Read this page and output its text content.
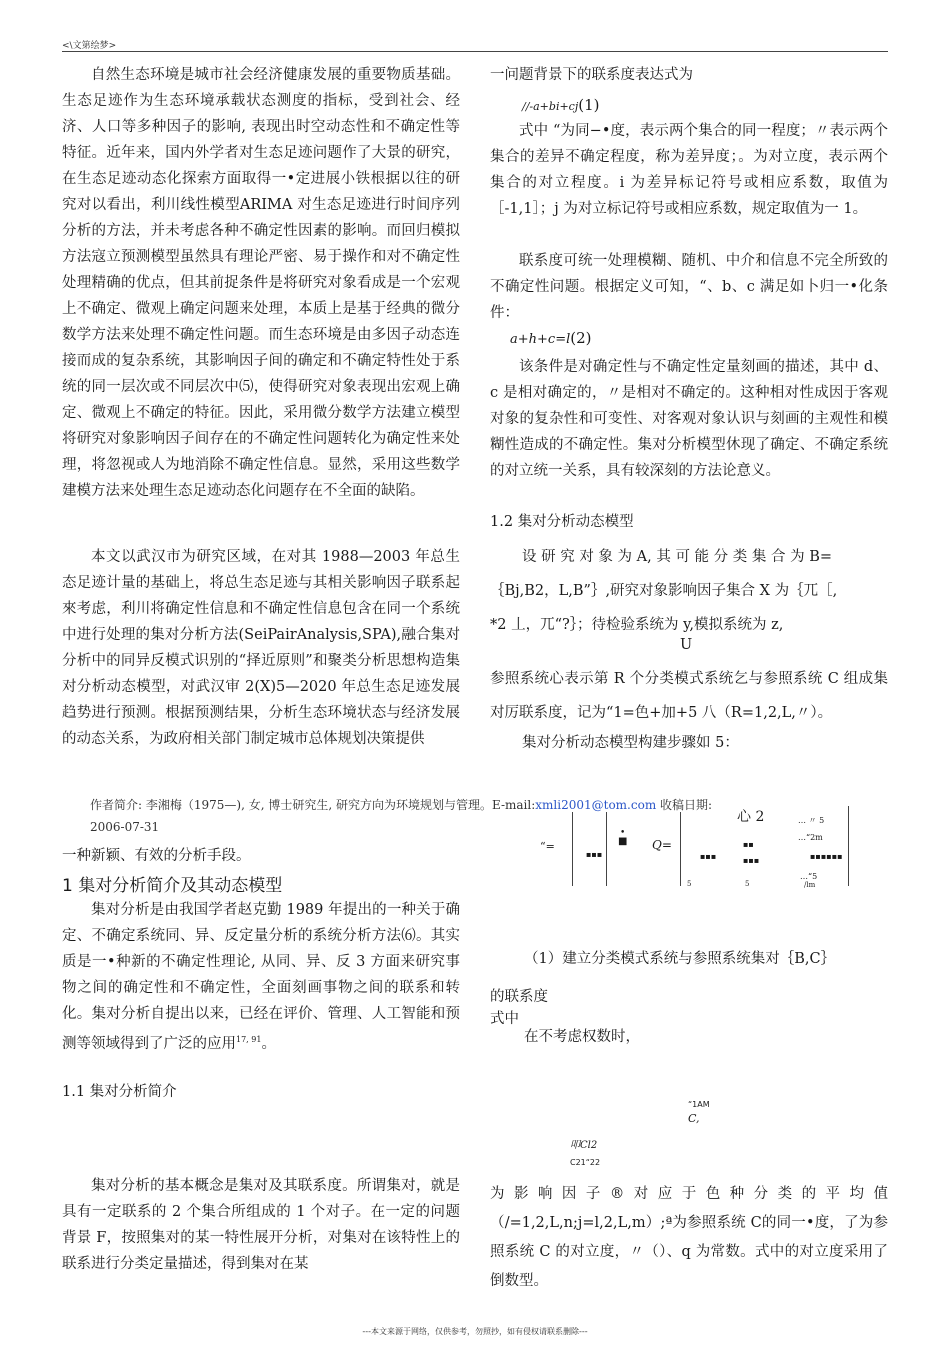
<\文第绘梦>

自然生态环境是城市社会经济健康发展的重要物质基础。生态足迹作为生态环境承载状态测度的指标，受到社会、经济、人口等多种因子的影响, 表现出时空动态性和不确定性等特征。近年来，国内外学者对生态足迹问题作了大景的研究，在生态足迹动态化探索方面取得一•定进展小铁根据以往的研究对以看出，利川线性模型ARIMA 对生态足迹进行时间序列分析的方法，并未考虑各种不确定性因素的影响。而回归模拟方法寇立预测模型虽然具有理论严密、易于操作和对不确定性处理精确的优点，但其前捉条件是将研究对象看成是一个宏观上不确定、微观上确定问题来处理，本质上是基于经典的微分数学方法来处理不确定性问题。而生态环境是由多因子动态连接而成的复杂系统，其影响因子间的确定和不确定特性处于系统的同一层次或不同层次中⑸，使得研究对象表现出宏观上确定、微观上不确定的特征。因此，采用微分数学方法建立模型将研究对象影响因子间存在的不确定性问题转化为确定性来处理，将忽视或人为地消除不确定性信息。显然，采用这些数学建模方法来处理生态足迹动态化问题存在不全面的缺陷。

本文以武汉市为研究区域，在对其 1988—2003 年总生态足迹计量的基础上，将总生态足迹与其相关影响因子联系起來考虑，利川将确定性信息和不确定性信息包含在同一个系统中进行处理的集对分析方法(SeiPairAnalysis,SPA),融合集对分析中的同异反模式识别的“择近原则”和聚类分析思想构造集对分析动态模型，对武汉审 2(X)5—2020 年总生态足迹发展趋势进行预测。根据预测结果，分析生态环境状态与经济发展的动态关系，为政府相关部门制定城市总体规划决策提供

作者简介: 李湘梅（1975—), 女, 博士研究生, 研究方向为环境规划与管理。E-mail:xmli2001@tom.com 收稿日期:
2006-07-31

一种新颖、有效的分析手段。

1 集对分析简介及其动态模型

集对分析是由我国学者赵克勤 1989 年提出的一种关于确定、不确定系统同、异、反定量分析的系统分析方法⑹。其实质是一•种新的不确定性理论, 从同、异、反 3 方面来研究事物之间的确定性和不确定性，全面刻画事物之间的联系和转化。集对分析自提出以来，已经在评价、管理、人工智能和预测等领域得到了广泛的应用$^{17, 91}$。

1.1 集对分析简介

集对分析的基本概念是集对及其联系度。所谓集对，就是具有一定联系的 2 个集合所组成的 1 个对子。在一定的问题背景 F，按照集对的某一特性展开分析，对集对在该特性上的联系进行分类定量描述，得到集对在某

一问题背景下的联系度表达式为

//-a+bi+cj(1)

式中 “为同−•度，表示两个集合的同一程度；〃表示两个集合的差异不确定程度，称为差异度；。为对立度，表示两个集合的对立程度。i 为差异标记符号或相应系数，取值为［-1,1］；j 为对立标记符号或相应系数，规定取值为一 1。

联系度可统一处理模糊、随机、中介和信息不完全所致的不确定性问题。根据定义可知，“、b、c 满足如卜归一•化条件：

a+h+c=l(2)

该条件是对确定性与不确定性定量刻画的描述，其中 d、c 是相对确定的，〃是相对不确定的。这种相对性成因于客观对象的复杂性和可变性、对客观对象认识与刻画的主观性和模糊性造成的不确定性。集对分析模型休现了确定、不确定系统的对立统一关系，具有较深刻的方法论意义。

1.2 集对分析动态模型
设 研 究 对 象 为 A, 其 可 能 分 类 集 合 为 B=
｛Bj,B2，L,B”｝,研究对象影响因子集合 X 为｛兀［,
*2 丄，兀“?｝；待检验系统为 y,模拟系统为 z,
U

参照系统心表示第 R 个分类模式系统乞与参照系统 C 组成集对厉联系度，记为“1=色+加+5 八（R=1,2,L,〃）。

集对分析动态模型构建步骤如 5：
心 2
“=
▪▪▪
•
■ Q=
▪▪▪
▪▪
▪▪▪
… 〃 5
…“2m
▪▪▪▪▪▪
5	5
…“5
/lm
（1）建立分类模式系统与参照系统集对｛B,C｝
的联系度
式中
在不考虑权数时，
“1AM
C,
叩Cl2
C21“22

为影响因子®对应于色种分类的平均值（/=1,2,L,n;j=l,2,L,m）;ª为参照系统 C的同一•度，了为参照系统 C 的对立度，〃（）、q 为常数。式中的对立度采用了倒数型。

---本文来源于网络，仅供参考，勿照抄，如有侵权请联系删除---
